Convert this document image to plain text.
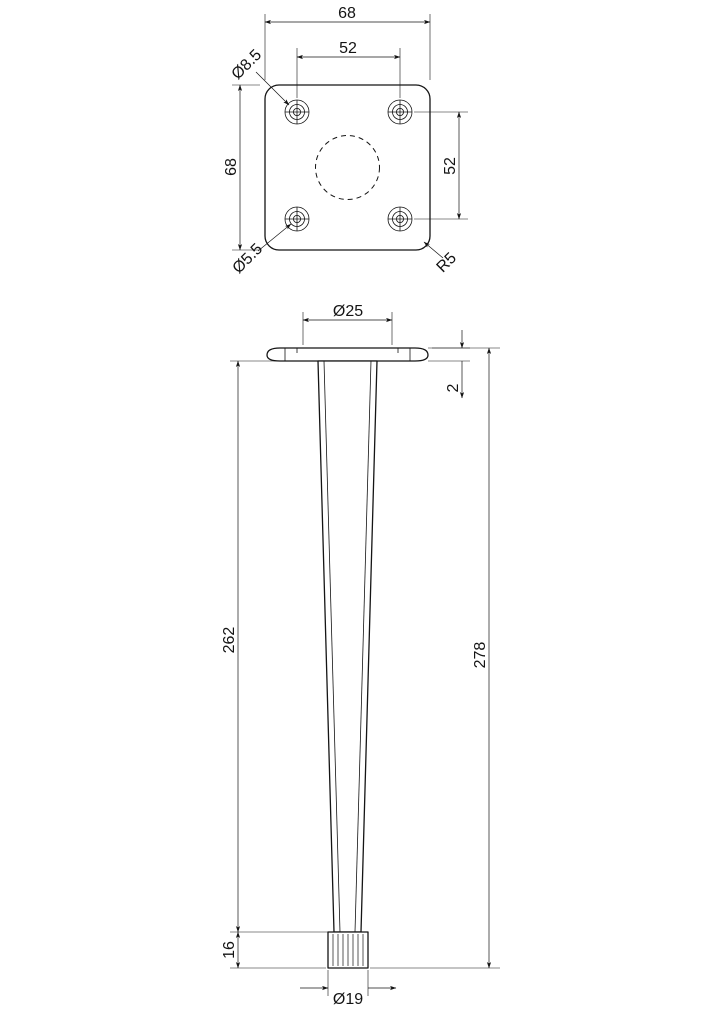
68
52
68	52
Ø8.5
Ø5.5	R5
Ø25
2
262
16
278
Ø19
